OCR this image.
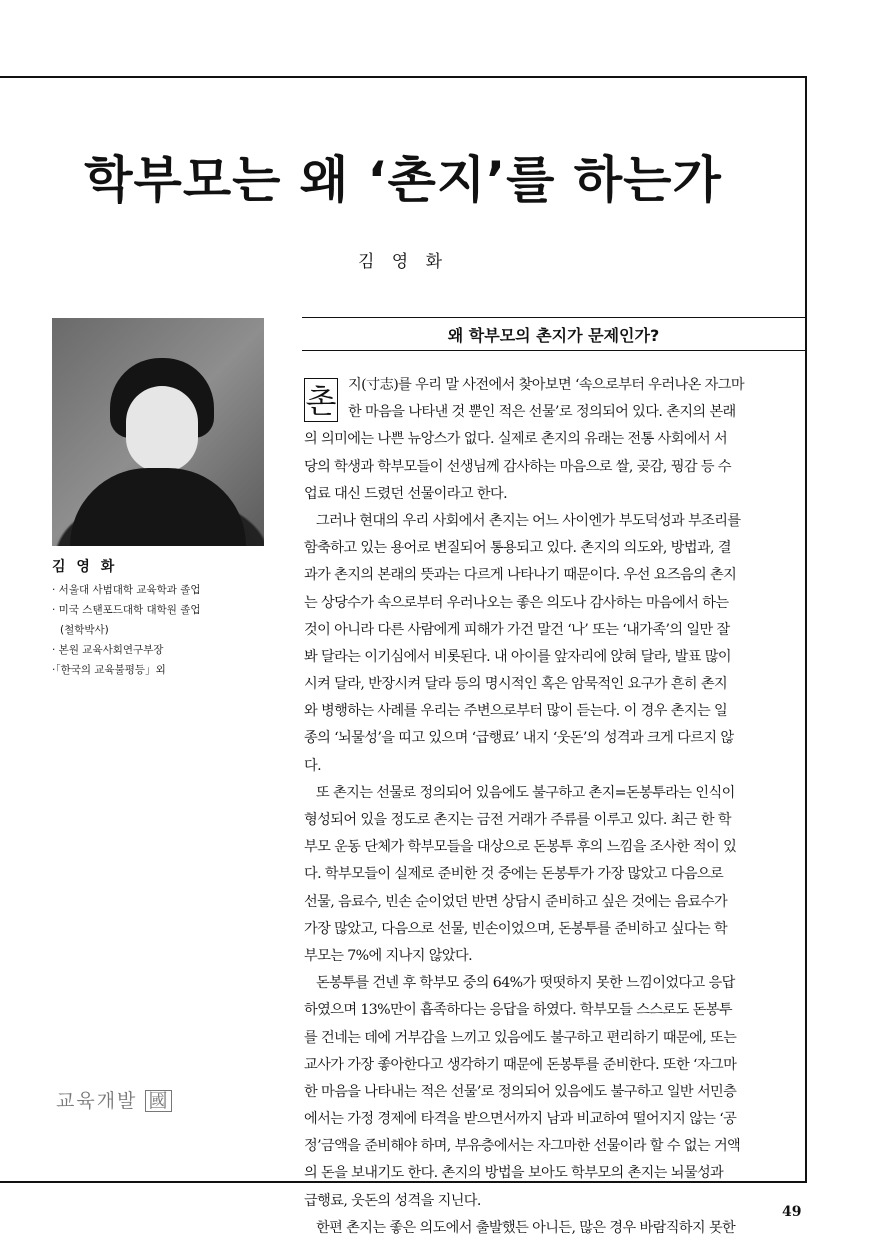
학부모는 왜 ‘촌지’를 하는가
김 영 화

김 영 화

· 서울대 사범대학 교육학과 졸업
· 미국 스탠포드대학 대학원 졸업
(철학박사)
· 본원 교육사회연구부장
·「한국의 교육불평등」외
교육개발 國
왜 학부모의 촌지가 문제인가?
촌 지(寸志)를 우리 말 사전에서 찾아보면 ‘속으로부터 우러나온 자그마
한 마음을 나타낸 것 뿐인 적은 선물’로 정의되어 있다. 촌지의 본래
의 의미에는 나쁜 뉴앙스가 없다. 실제로 촌지의 유래는 전통 사회에서 서
당의 학생과 학부모들이 선생님께 감사하는 마음으로 쌀, 곶감, 꿩감 등 수
업료 대신 드렸던 선물이라고 한다.
그러나 현대의 우리 사회에서 촌지는 어느 사이엔가 부도덕성과 부조리를
함축하고 있는 용어로 변질되어 통용되고 있다. 촌지의 의도와, 방법과, 결
과가 촌지의 본래의 뜻과는 다르게 나타나기 때문이다. 우선 요즈음의 촌지
는 상당수가 속으로부터 우러나오는 좋은 의도나 감사하는 마음에서 하는
것이 아니라 다른 사람에게 피해가 가건 말건 ‘나’ 또는 ‘내가족’의 일만 잘
봐 달라는 이기심에서 비롯된다. 내 아이를 앞자리에 앉혀 달라, 발표 많이
시켜 달라, 반장시켜 달라 등의 명시적인 혹은 암묵적인 요구가 흔히 촌지
와 병행하는 사례를 우리는 주변으로부터 많이 듣는다. 이 경우 촌지는 일
종의 ‘뇌물성’을 띠고 있으며 ‘급행료’ 내지 ‘웃돈’의 성격과 크게 다르지 않
다.
또 촌지는 선물로 정의되어 있음에도 불구하고 촌지=돈봉투라는 인식이
형성되어 있을 정도로 촌지는 금전 거래가 주류를 이루고 있다. 최근 한 학
부모 운동 단체가 학부모들을 대상으로 돈봉투 후의 느낌을 조사한 적이 있
다. 학부모들이 실제로 준비한 것 중에는 돈봉투가 가장 많았고 다음으로
선물, 음료수, 빈손 순이었던 반면 상담시 준비하고 싶은 것에는 음료수가
가장 많았고, 다음으로 선물, 빈손이었으며, 돈봉투를 준비하고 싶다는 학
부모는 7%에 지나지 않았다.
돈봉투를 건넨 후 학부모 중의 64%가 떳떳하지 못한 느낌이었다고 응답
하였으며 13%만이 흡족하다는 응답을 하였다. 학부모들 스스로도 돈봉투
를 건네는 데에 거부감을 느끼고 있음에도 불구하고 편리하기 때문에, 또는
교사가 가장 좋아한다고 생각하기 때문에 돈봉투를 준비한다. 또한 ‘자그마
한 마음을 나타내는 적은 선물’로 정의되어 있음에도 불구하고 일반 서민층
에서는 가정 경제에 타격을 받으면서까지 남과 비교하여 떨어지지 않는 ‘공
정’금액을 준비해야 하며, 부유층에서는 자그마한 선물이라 할 수 없는 거액
의 돈을 보내기도 한다. 촌지의 방법을 보아도 학부모의 촌지는 뇌물성과
급행료, 웃돈의 성격을 지닌다.
한편 촌지는 좋은 의도에서 출발했든 아니든, 많은 경우 바람직하지 못한
49
